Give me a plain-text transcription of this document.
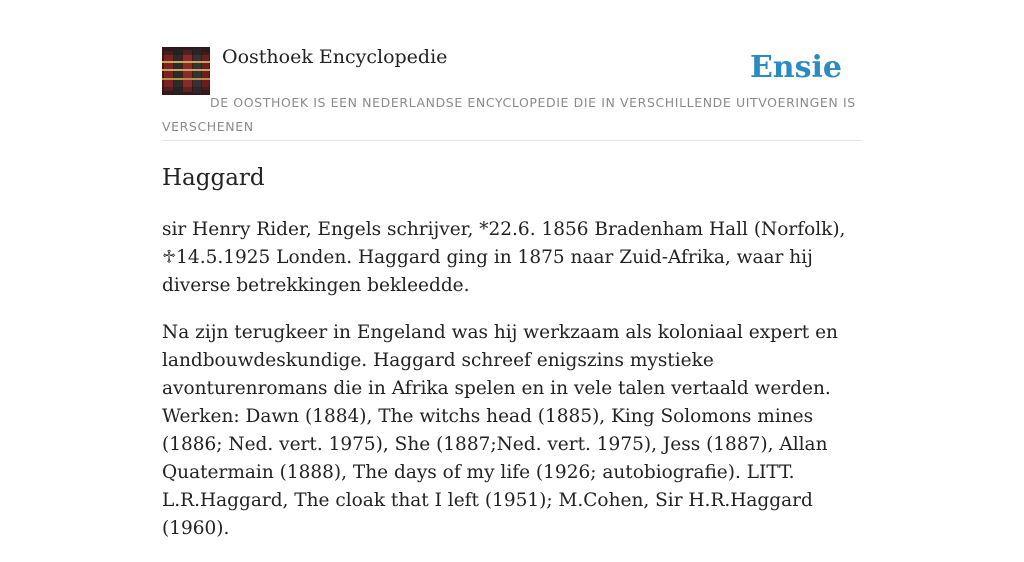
Oosthoek Encyclopedie	Ensie
DE OOSTHOEK IS EEN NEDERLANDSE ENCYCLOPEDIE DIE IN VERSCHILLENDE UITVOERINGEN IS VERSCHENEN
Haggard

sir Henry Rider, Engels schrijver, *22.6. 1856 Bradenham Hall (Norfolk), ♱14.5.1925 Londen. Haggard ging in 1875 naar Zuid-Afrika, waar hij diverse betrekkingen bekleedde.

Na zijn terugkeer in Engeland was hij werkzaam als koloniaal expert en landbouwdeskundige. Haggard schreef enigszins mystieke avonturenromans die in Afrika spelen en in vele talen vertaald werden. Werken: Dawn (1884), The witchs head (1885), King Solomons mines (1886; Ned. vert. 1975), She (1887;Ned. vert. 1975), Jess (1887), Allan Quatermain (1888), The days of my life (1926; autobiografie). LITT. L.R.Haggard, The cloak that I left (1951); M.Cohen, Sir H.R.Haggard (1960).
